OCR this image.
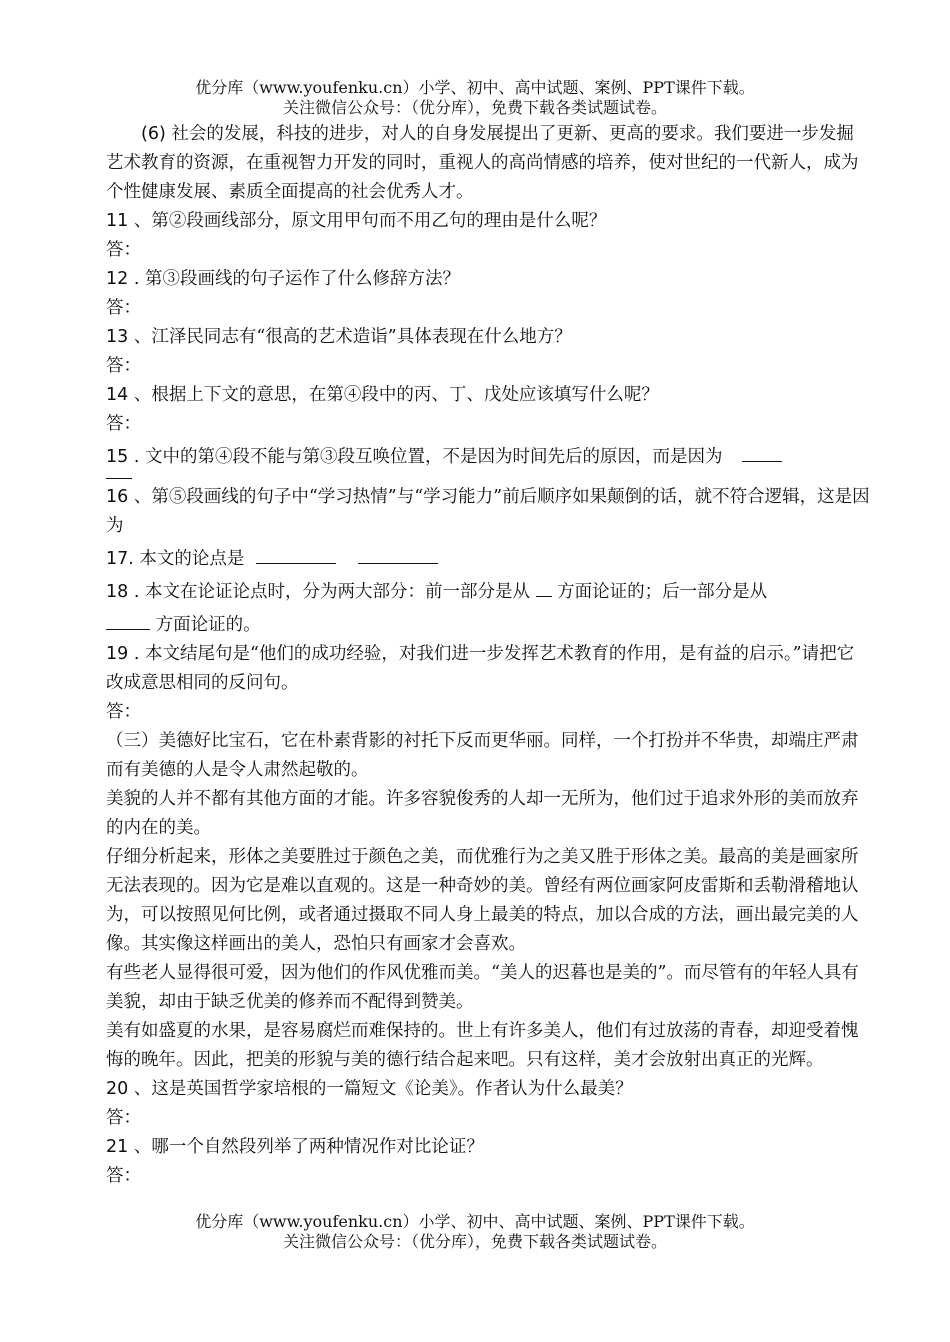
优分库（www.youfenku.cn）小学、初中、高中试题、案例、PPT课件下载。
关注微信公众号：（优分库），免费下载各类试题试卷。

(6) 社会的发展，科技的进步，对人的自身发展提出了更新、更高的要求。我们要进一步发掘艺术教育的资源，在重视智力开发的同时，重视人的高尚情感的培养，使对世纪的一代新人，成为个性健康发展、素质全面提高的社会优秀人才。

11 、第②段画线部分，原文用甲句而不用乙句的理由是什么呢？

答：

12 . 第③段画线的句子运作了什么修辞方法？

答：

13 、江泽民同志有“很高的艺术造诣”具体表现在什么地方？

答：

14 、根据上下文的意思，在第④段中的丙、丁、戊处应该填写什么呢？

答：

15 . 文中的第④段不能与第③段互唤位置，不是因为时间先后的原因，而是因为

16 、第⑤段画线的句子中“学习热情”与“学习能力”前后顺序如果颠倒的话，就不符合逻辑，这是因为

17. 本文的论点是

18 . 本文在论证论点时，分为两大部分：前一部分是从 方面论证的；后一部分是从
方面论证的。

19 . 本文结尾句是“他们的成功经验，对我们进一步发挥艺术教育的作用，是有益的启示。”请把它改成意思相同的反问句。

答：

（三）美德好比宝石，它在朴素背影的衬托下反而更华丽。同样，一个打扮并不华贵，却端庄严肃而有美德的人是令人肃然起敬的。

美貌的人并不都有其他方面的才能。许多容貌俊秀的人却一无所为，他们过于追求外形的美而放弃的内在的美。

仔细分析起来，形体之美要胜过于颜色之美，而优雅行为之美又胜于形体之美。最高的美是画家所无法表现的。因为它是难以直观的。这是一种奇妙的美。曾经有两位画家阿皮雷斯和丢勒滑稽地认为，可以按照见何比例，或者通过摄取不同人身上最美的特点，加以合成的方法，画出最完美的人像。其实像这样画出的美人，恐怕只有画家才会喜欢。

有些老人显得很可爱，因为他们的作风优雅而美。“美人的迟暮也是美的”。而尽管有的年轻人具有美貌，却由于缺乏优美的修养而不配得到赞美。

美有如盛夏的水果，是容易腐烂而难保持的。世上有许多美人，他们有过放荡的青春，却迎受着愧悔的晚年。因此，把美的形貌与美的德行结合起来吧。只有这样，美才会放射出真正的光辉。

20 、这是英国哲学家培根的一篇短文《论美》。作者认为什么最美？

答：

21 、哪一个自然段列举了两种情况作对比论证？

答：

优分库（www.youfenku.cn）小学、初中、高中试题、案例、PPT课件下载。
关注微信公众号：（优分库），免费下载各类试题试卷。
